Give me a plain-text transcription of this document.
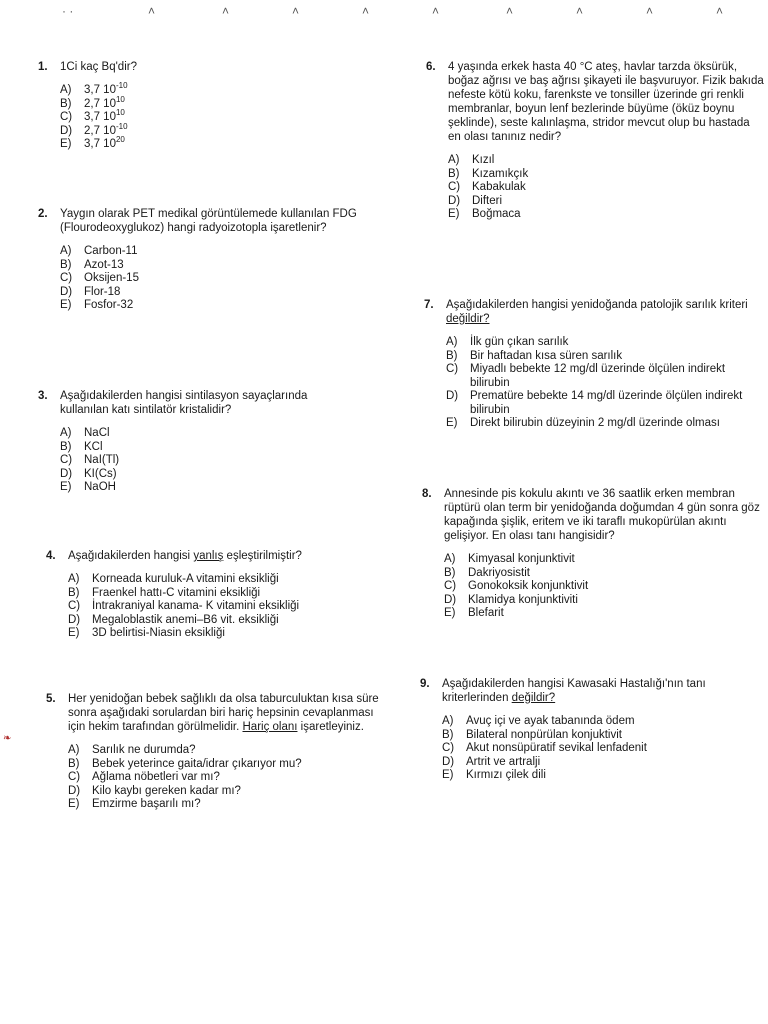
· ·	˄	˄	˄	˄	˄	˄	˄	˄	˄
❧
1.	1Ci kaç Bq'dir?
A)	3,7 $10^{-10}$
B)	2,7 $10^{10}$
C)	3,7 $10^{10}$
D)	2,7 $10^{-10}$
E)	3,7 $10^{20}$
2.	Yaygın olarak PET medikal görüntülemede kullanılan FDG (Flourodeoxyglukoz) hangi radyoizotopla işaretlenir?
A)	Carbon-11
B)	Azot-13
C)	Oksijen-15
D)	Flor-18
E)	Fosfor-32
3.	Aşağıdakilerden hangisi sintilasyon sayaçlarında kullanılan katı sintilatör kristalidir?
A)	NaCl
B)	KCl
C)	NaI(Tl)
D)	KI(Cs)
E)	NaOH
4.	Aşağıdakilerden hangisi yanlış eşleştirilmiştir?
A)	Korneada kuruluk-A vitamini eksikliği
B)	Fraenkel hattı-C vitamini eksikliği
C)	İntrakraniyal kanama- K vitamini eksikliği
D)	Megaloblastik anemi–B6 vit. eksikliği
E)	3D belirtisi-Niasin eksikliği
5.	Her yenidoğan bebek sağlıklı da olsa taburculuktan kısa süre sonra aşağıdaki sorulardan biri hariç hepsinin cevaplanması için hekim tarafından görülmelidir. Hariç olanı işaretleyiniz.
A)	Sarılık ne durumda?
B)	Bebek yeterince gaita/idrar çıkarıyor mu?
C)	Ağlama nöbetleri var mı?
D)	Kilo kaybı gereken kadar mı?
E)	Emzirme başarılı mı?
6.	4 yaşında erkek hasta 40 °C ateş, havlar tarzda öksürük, boğaz ağrısı ve baş ağrısı şikayeti ile başvuruyor. Fizik bakıda nefeste kötü koku, farenkste ve tonsiller üzerinde gri renkli membranlar, boyun lenf bezlerinde büyüme (öküz boynu şeklinde), seste kalınlaşma, stridor mevcut olup bu hastada en olası tanınız nedir?
A)	Kızıl
B)	Kızamıkçık
C)	Kabakulak
D)	Difteri
E)	Boğmaca
7.	Aşağıdakilerden hangisi yenidoğanda patolojik sarılık kriteri değildir?
A)	İlk gün çıkan sarılık
B)	Bir haftadan kısa süren sarılık
C)	Miyadlı bebekte 12 mg/dl üzerinde ölçülen indirekt bilirubin
D)	Prematüre bebekte 14 mg/dl üzerinde ölçülen indirekt bilirubin
E)	Direkt bilirubin düzeyinin 2 mg/dl üzerinde olması
8.	Annesinde pis kokulu akıntı ve 36 saatlik erken membran rüptürü olan term bir yenidoğanda doğumdan 4 gün sonra göz kapağında şişlik, eritem ve iki taraflı mukopürülan akıntı gelişiyor. En olası tanı hangisidir?
A)	Kimyasal konjunktivit
B)	Dakriyosistit
C)	Gonokoksik konjunktivit
D)	Klamidya konjunktiviti
E)	Blefarit
9.	Aşağıdakilerden hangisi Kawasaki Hastalığı'nın tanı kriterlerinden değildir?
A)	Avuç içi ve ayak tabanında ödem
B)	Bilateral nonpürülan konjuktivit
C)	Akut nonsüpüratif sevikal lenfadenit
D)	Artrit ve artralji
E)	Kırmızı çilek dili
